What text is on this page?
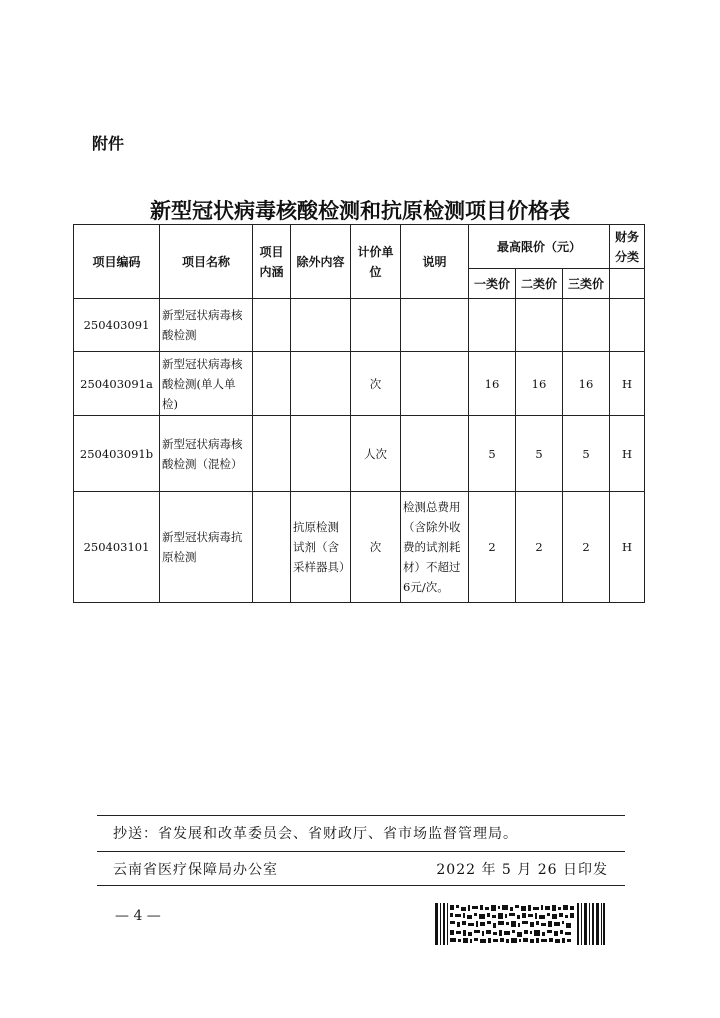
附件
新型冠状病毒核酸检测和抗原检测项目价格表
项目编码	项目名称	项目内涵	除外内容	计价单位	说明	最高限价（元）			财务分类
						一类价	二类价	三类价	
250403091	新型冠状病毒核酸检测								
250403091a	新型冠状病毒核酸检测(单人单检)			次		16	16	16	H
250403091b	新型冠状病毒核酸检测（混检）			人次		5	5	5	H
250403101	新型冠状病毒抗原检测		抗原检测试剂（含采样器具）	次	检测总费用（含除外收费的试剂耗材）不超过6元/次。	2	2	2	H
抄送：省发展和改革委员会、省财政厅、省市场监督管理局。
云南省医疗保障局办公室	2022 年 5 月 26 日印发
— 4 —
